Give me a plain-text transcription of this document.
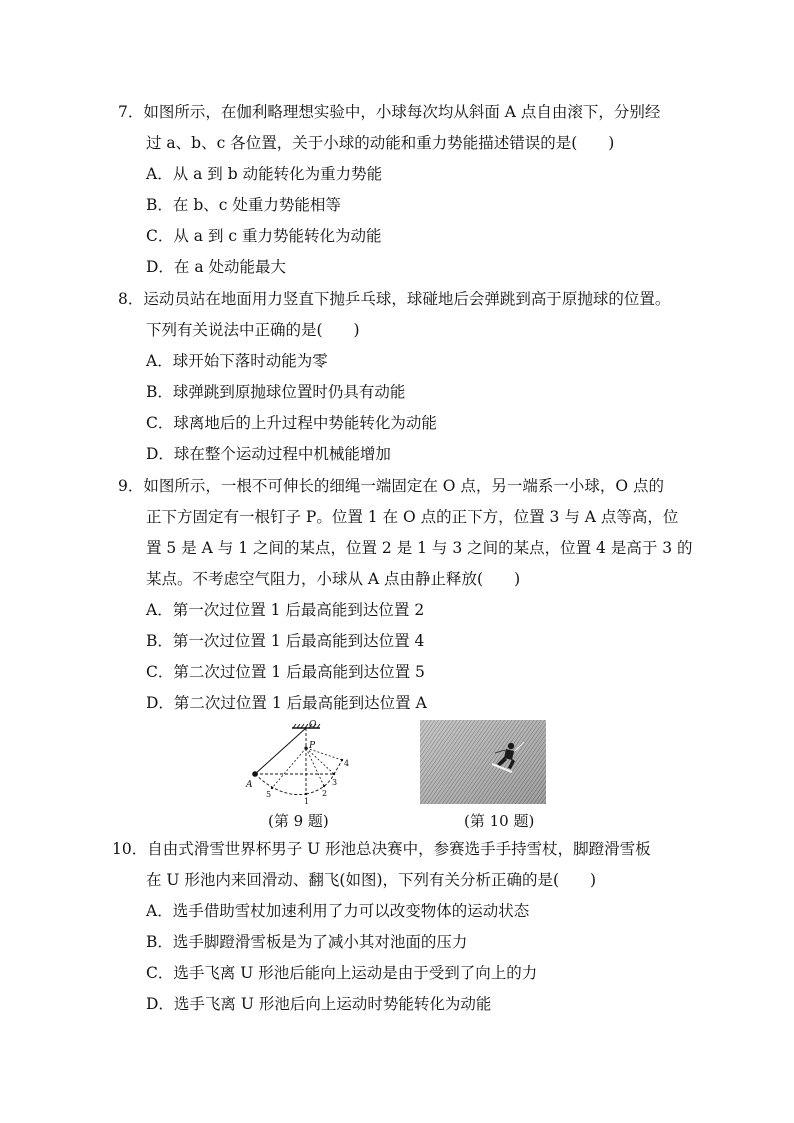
7．如图所示，在伽利略理想实验中，小球每次均从斜面 A 点自由滚下，分别经
过 a、b、c 各位置，关于小球的动能和重力势能描述错误的是(　　)
A．从 a 到 b 动能转化为重力势能
B．在 b、c 处重力势能相等
C．从 a 到 c 重力势能转化为动能
D．在 a 处动能最大
8．运动员站在地面用力竖直下抛乒乓球，球碰地后会弹跳到高于原抛球的位置。
下列有关说法中正确的是(　　)
A．球开始下落时动能为零
B．球弹跳到原抛球位置时仍具有动能
C．球离地后的上升过程中势能转化为动能
D．球在整个运动过程中机械能增加
9．如图所示，一根不可伸长的细绳一端固定在 O 点，另一端系一小球，O 点的
正下方固定有一根钉子 P。位置 1 在 O 点的正下方，位置 3 与 A 点等高，位
置 5 是 A 与 1 之间的某点，位置 2 是 1 与 3 之间的某点，位置 4 是高于 3 的
某点。不考虑空气阻力，小球从 A 点由静止释放(　　)
A．第一次过位置 1 后最高能到达位置 2
B．第一次过位置 1 后最高能到达位置 4
C．第二次过位置 1 后最高能到达位置 5
D．第二次过位置 1 后最高能到达位置 A
O
P
A
1
2
3
4
5
(第 9 题)	(第 10 题)
10．自由式滑雪世界杯男子 U 形池总决赛中，参赛选手手持雪杖，脚蹬滑雪板
在 U 形池内来回滑动、翻飞(如图)，下列有关分析正确的是(　　)
A．选手借助雪杖加速利用了力可以改变物体的运动状态
B．选手脚蹬滑雪板是为了减小其对池面的压力
C．选手飞离 U 形池后能向上运动是由于受到了向上的力
D．选手飞离 U 形池后向上运动时势能转化为动能
